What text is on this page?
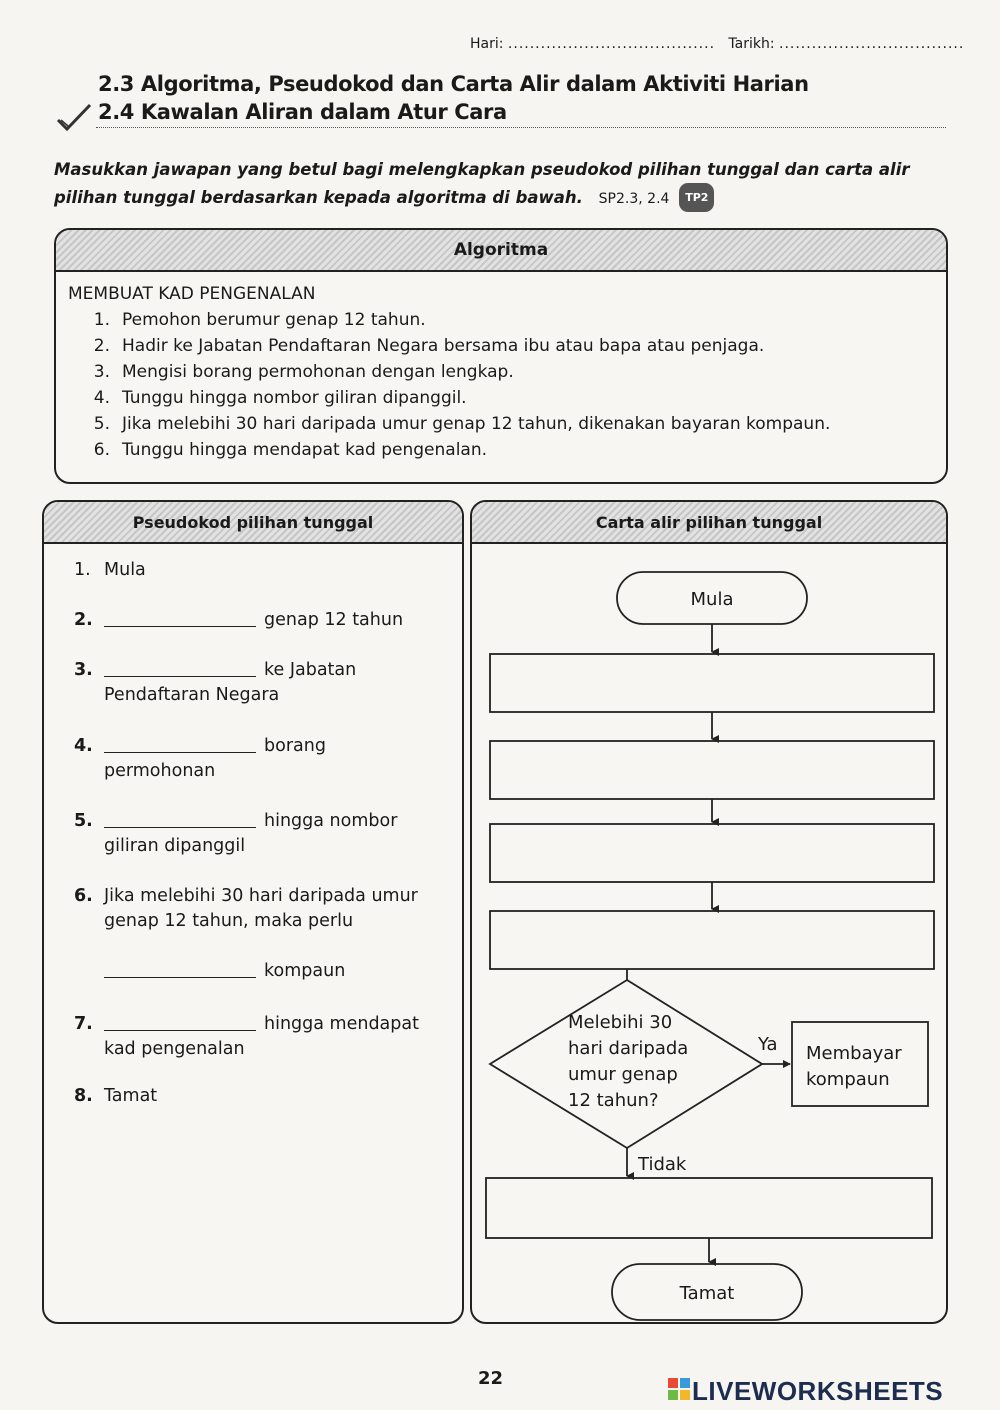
Hari: ...................................... Tarikh: ..................................
2.3 Algoritma, Pseudokod dan Carta Alir dalam Aktiviti Harian
2.4 Kawalan Aliran dalam Atur Cara
Masukkan jawapan yang betul bagi melengkapkan pseudokod pilihan tunggal dan carta alir pilihan tunggal berdasarkan kepada algoritma di bawah. SP2.3, 2.4 TP2
Algoritma
MEMBUAT KAD PENGENALAN
1. Pemohon berumur genap 12 tahun.
2. Hadir ke Jabatan Pendaftaran Negara bersama ibu atau bapa atau penjaga.
3. Mengisi borang permohonan dengan lengkap.
4. Tunggu hingga nombor giliran dipanggil.
5. Jika melebihi 30 hari daripada umur genap 12 tahun, dikenakan bayaran kompaun.
6. Tunggu hingga mendapat kad pengenalan.
Pseudokod pilihan tunggal
1. Mula
2.	genap 12 tahun
3.	ke Jabatan Pendaftaran Negara
4.	borang permohonan
5.	hingga nombor giliran dipanggil
6. Jika melebihi 30 hari daripada umur genap 12 tahun, maka perlu
kompaun
7.	hingga mendapat kad pengenalan
8. Tamat
Carta alir pilihan tunggal
Mula
Melebihi 30
hari daripada
umur genap
12 tahun?
Ya Membayar
kompaun
Tidak
Tamat
22	LIVEWORKSHEETS
